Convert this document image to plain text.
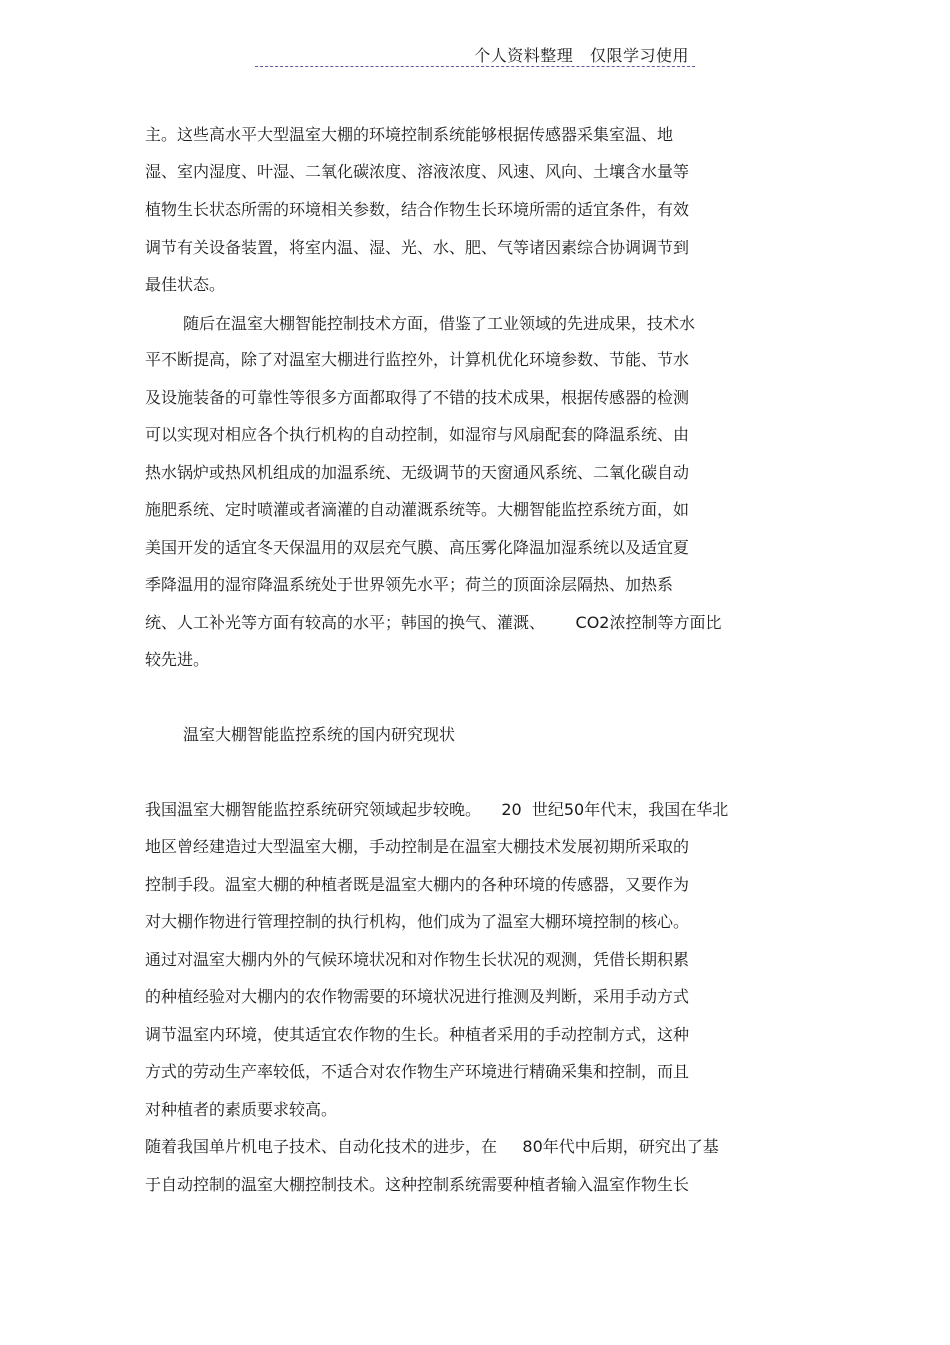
个人资料整理   仅限学习使用
主。这些高水平大型温室大棚的环境控制系统能够根据传感器采集室温、地
湿、室内湿度、叶湿、二氧化碳浓度、溶液浓度、风速、风向、土壤含水量等
植物生长状态所需的环境相关参数，结合作物生长环境所需的适宜条件，有效
调节有关设备装置，将室内温、湿、光、水、肥、气等诸因素综合协调调节到
最佳状态。
随后在温室大棚智能控制技术方面，借鉴了工业领域的先进成果，技术水
平不断提高，除了对温室大棚进行监控外，计算机优化环境参数、节能、节水
及设施装备的可靠性等很多方面都取得了不错的技术成果，根据传感器的检测
可以实现对相应各个执行机构的自动控制，如湿帘与风扇配套的降温系统、由
热水锅炉或热风机组成的加温系统、无级调节的天窗通风系统、二氧化碳自动
施肥系统、定时喷灌或者滴灌的自动灌溉系统等。大棚智能监控系统方面，如
美国开发的适宜冬天保温用的双层充气膜、高压雾化降温加湿系统以及适宜夏
季降温用的湿帘降温系统处于世界领先水平；荷兰的顶面涂层隔热、加热系
统、人工补光等方面有较高的水平；韩国的换气、灌溉、      CO2浓控制等方面比
较先进。
温室大棚智能监控系统的国内研究现状
我国温室大棚智能监控系统研究领域起步较晚。    20  世纪50年代末，我国在华北
地区曾经建造过大型温室大棚，手动控制是在温室大棚技术发展初期所采取的
控制手段。温室大棚的种植者既是温室大棚内的各种环境的传感器，又要作为
对大棚作物进行管理控制的执行机构，他们成为了温室大棚环境控制的核心。
通过对温室大棚内外的气候环境状况和对作物生长状况的观测，凭借长期积累
的种植经验对大棚内的农作物需要的环境状况进行推测及判断，采用手动方式
调节温室内环境，使其适宜农作物的生长。种植者采用的手动控制方式，这种
方式的劳动生产率较低，不适合对农作物生产环境进行精确采集和控制，而且
对种植者的素质要求较高。
随着我国单片机电子技术、自动化技术的进步，在     80年代中后期，研究出了基
于自动控制的温室大棚控制技术。这种控制系统需要种植者输入温室作物生长
